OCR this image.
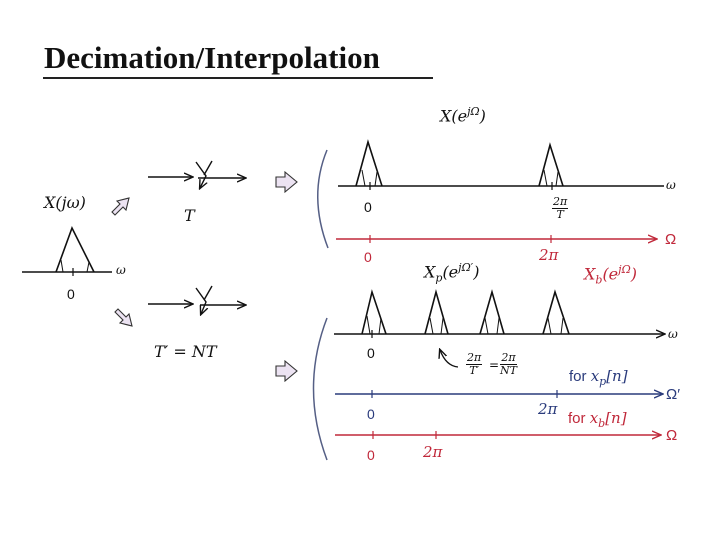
Decimation/Interpolation
X(jω)
ω
0
T
T′ = NT
$X(e^{j\Omega})$
ω
0	$\frac{2\pi}{T}$
Ω
0	2π
$X_p(e^{j\Omega'})$	$X_b(e^{j\Omega})$
ω
0	$\frac{2\pi}{T'} = \frac{2\pi}{NT}$
for $x_p[n]$
Ω′
0	2π
for $x_b[n]$
Ω
0	2π
